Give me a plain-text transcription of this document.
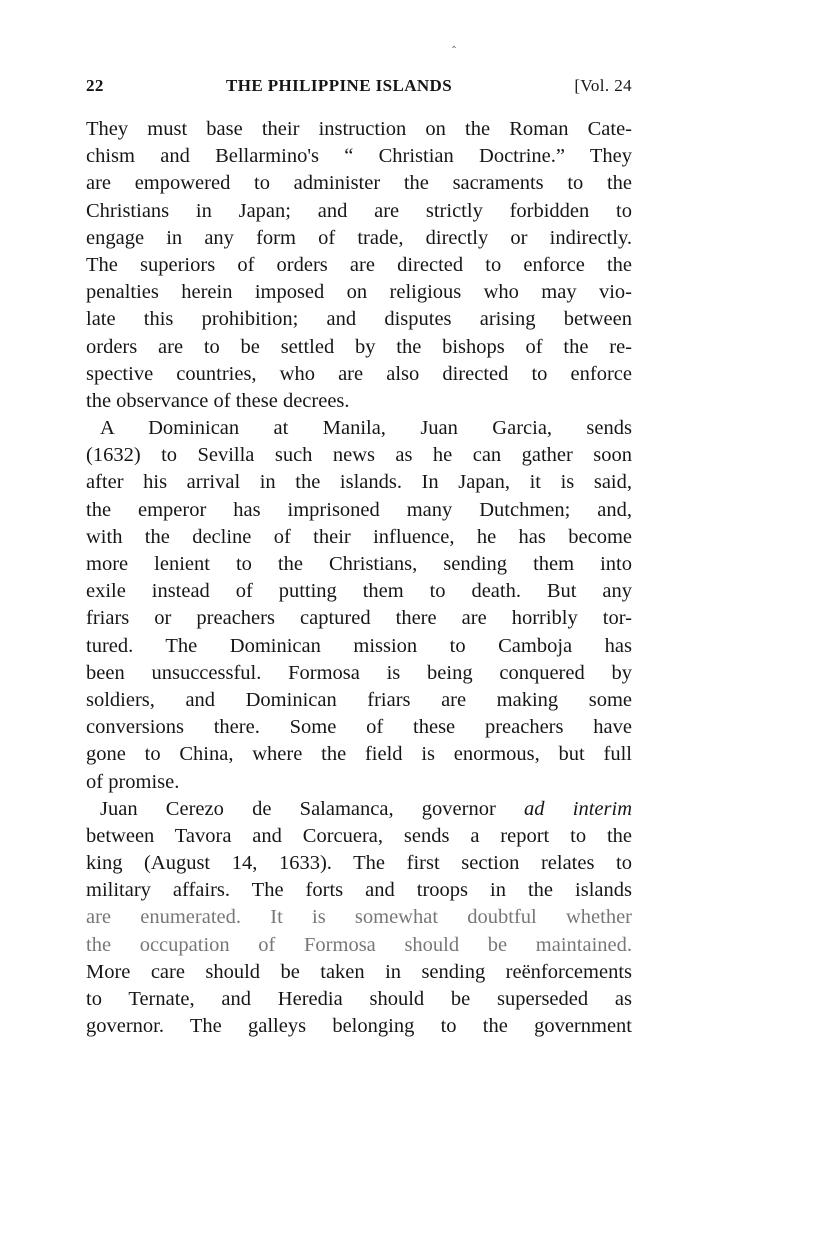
‸
22	THE PHILIPPINE ISLANDS	[Vol. 24
They must base their instruction on the Roman Cate-
chism and Bellarmino's “ Christian Doctrine.” They
are empowered to administer the sacraments to the
Christians in Japan; and are strictly forbidden to
engage in any form of trade, directly or indirectly.
The superiors of orders are directed to enforce the
penalties herein imposed on religious who may vio-
late this prohibition; and disputes arising between
orders are to be settled by the bishops of the re-
spective countries, who are also directed to enforce
the observance of these decrees.
A Dominican at Manila, Juan Garcia, sends
(1632) to Sevilla such news as he can gather soon
after his arrival in the islands. In Japan, it is said,
the emperor has imprisoned many Dutchmen; and,
with the decline of their influence, he has become
more lenient to the Christians, sending them into
exile instead of putting them to death. But any
friars or preachers captured there are horribly tor-
tured. The Dominican mission to Camboja has
been unsuccessful. Formosa is being conquered by
soldiers, and Dominican friars are making some
conversions there. Some of these preachers have
gone to China, where the field is enormous, but full
of promise.
Juan Cerezo de Salamanca, governor ad interim
between Tavora and Corcuera, sends a report to the
king (August 14, 1633). The first section relates to
military affairs. The forts and troops in the islands
are enumerated. It is somewhat doubtful whether
the occupation of Formosa should be maintained.
More care should be taken in sending reënforcements
to Ternate, and Heredia should be superseded as
governor. The galleys belonging to the government
